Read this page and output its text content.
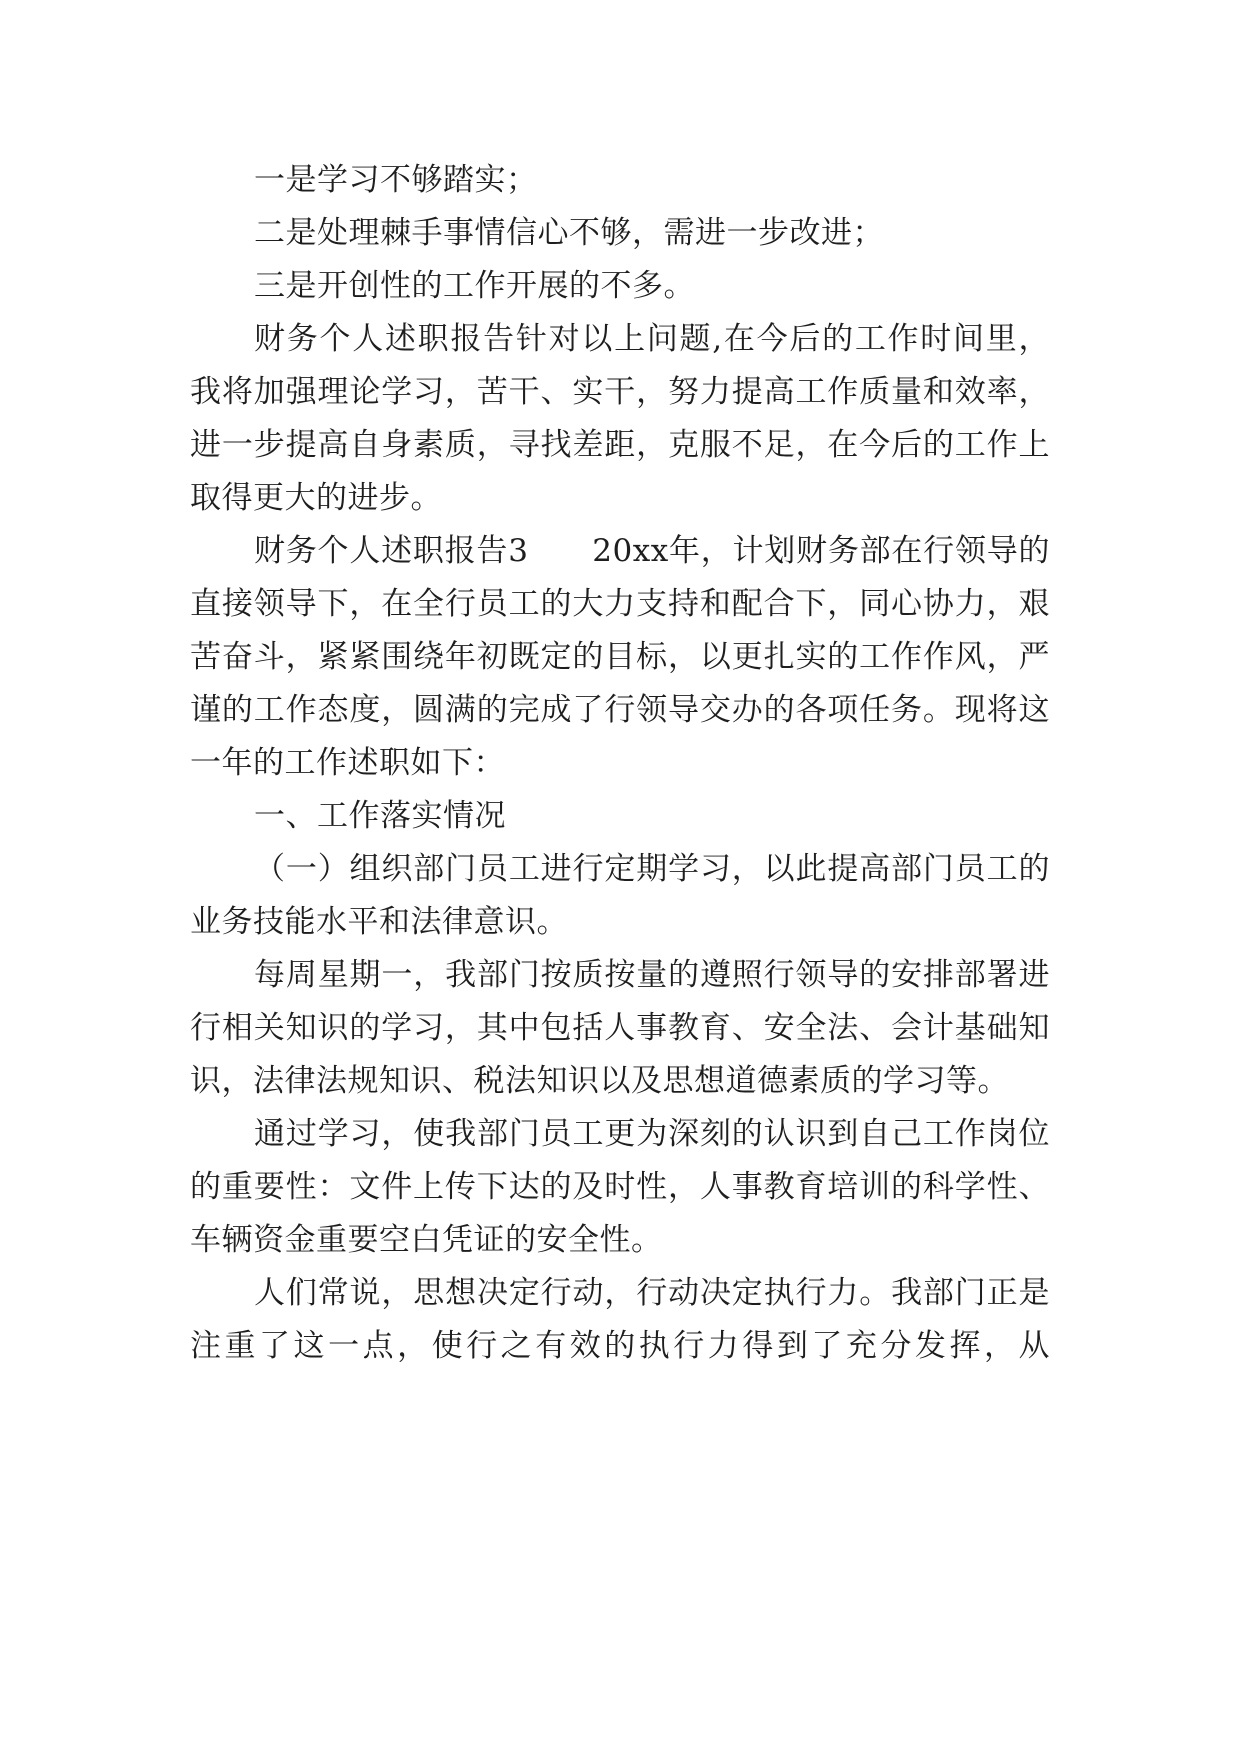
一是学习不够踏实；

二是处理棘手事情信心不够，需进一步改进；

三是开创性的工作开展的不多。

财务个人述职报告针对以上问题,在今后的工作时间里，我将加强理论学习，苦干、实干，努力提高工作质量和效率，进一步提高自身素质，寻找差距，克服不足，在今后的工作上取得更大的进步。

财务个人述职报告3　　20xx年，计划财务部在行领导的直接领导下，在全行员工的大力支持和配合下，同心协力，艰苦奋斗，紧紧围绕年初既定的目标，以更扎实的工作作风，严谨的工作态度，圆满的完成了行领导交办的各项任务。现将这一年的工作述职如下：

一、工作落实情况

（一）组织部门员工进行定期学习，以此提高部门员工的业务技能水平和法律意识。

每周星期一，我部门按质按量的遵照行领导的安排部署进行相关知识的学习，其中包括人事教育、安全法、会计基础知识，法律法规知识、税法知识以及思想道德素质的学习等。

通过学习，使我部门员工更为深刻的认识到自己工作岗位的重要性：文件上传下达的及时性，人事教育培训的科学性、车辆资金重要空白凭证的安全性。

人们常说，思想决定行动，行动决定执行力。我部门正是注重了这一点，使行之有效的执行力得到了充分发挥，从
